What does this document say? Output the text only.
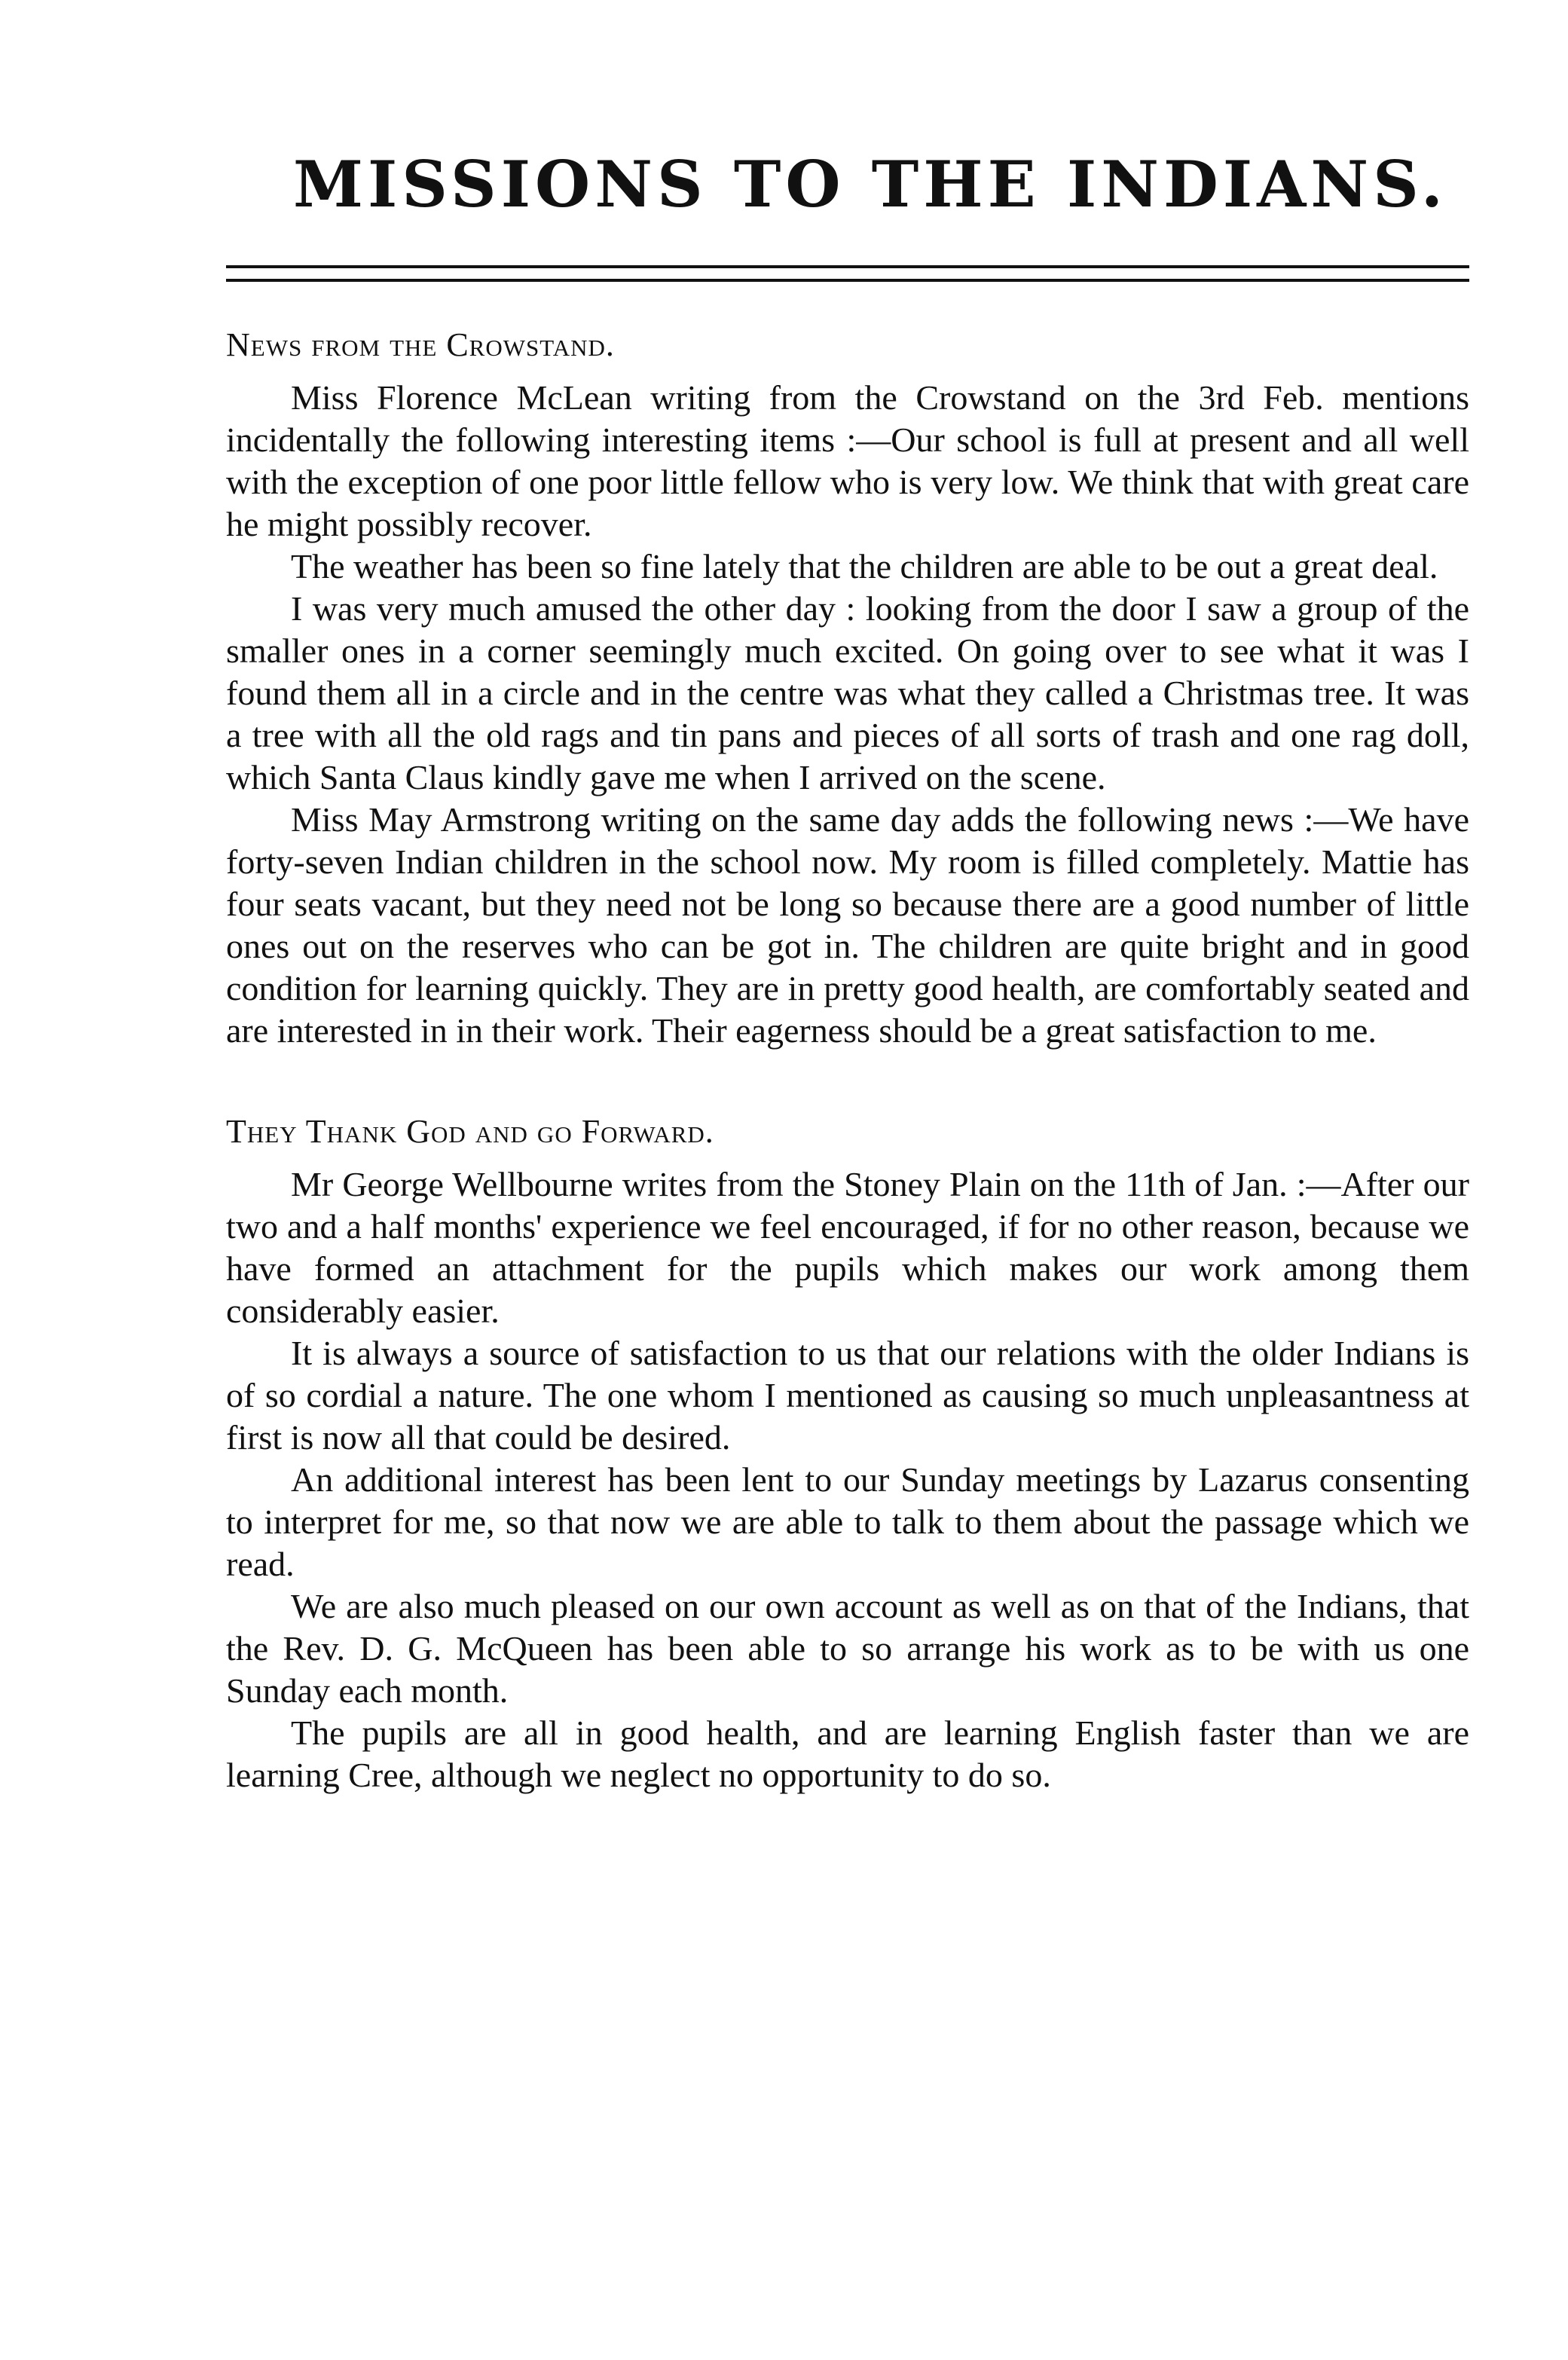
MISSIONS TO THE INDIANS.
News from the Crowstand.

Miss Florence McLean writing from the Crowstand on the 3rd Feb. mentions incidentally the following interesting items :—Our school is full at present and all well with the exception of one poor little fellow who is very low. We think that with great care he might possibly recover.

The weather has been so fine lately that the children are able to be out a great deal.

I was very much amused the other day : looking from the door I saw a group of the smaller ones in a corner seemingly much excited. On going over to see what it was I found them all in a circle and in the centre was what they called a Christmas tree. It was a tree with all the old rags and tin pans and pieces of all sorts of trash and one rag doll, which Santa Claus kindly gave me when I arrived on the scene.

Miss May Armstrong writing on the same day adds the following news :—We have forty-seven Indian children in the school now. My room is filled completely. Mattie has four seats vacant, but they need not be long so because there are a good number of little ones out on the reserves who can be got in. The children are quite bright and in good condition for learning quickly. They are in pretty good health, are comfortably seated and are interested in in their work. Their eagerness should be a great satisfaction to me.

They Thank God and go Forward.

Mr George Wellbourne writes from the Stoney Plain on the 11th of Jan. :—After our two and a half months' experience we feel encouraged, if for no other reason, because we have formed an attachment for the pupils which makes our work among them considerably easier.

It is always a source of satisfaction to us that our relations with the older Indians is of so cordial a nature. The one whom I mentioned as causing so much unpleasantness at first is now all that could be desired.

An additional interest has been lent to our Sunday meetings by Lazarus consenting to interpret for me, so that now we are able to talk to them about the passage which we read.

We are also much pleased on our own account as well as on that of the Indians, that the Rev. D. G. McQueen has been able to so arrange his work as to be with us one Sunday each month.

The pupils are all in good health, and are learning English faster than we are learning Cree, although we neglect no opportunity to do so.
